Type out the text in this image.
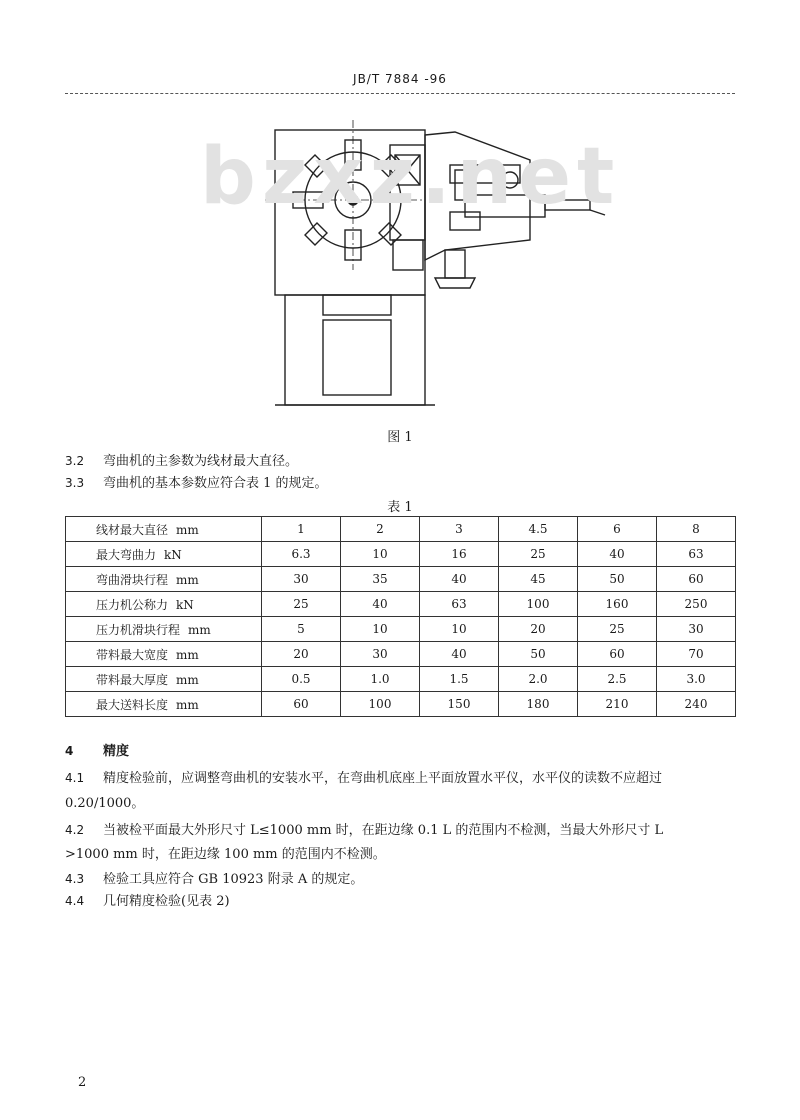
JB/T 7884 -96
bzxz.net
图 1
3.2 弯曲机的主参数为线材最大直径。
3.3 弯曲机的基本参数应符合表 1 的规定。
表 1
线材最大直径 mm	1	2	3	4.5	6	8
最大弯曲力 kN	6.3	10	16	25	40	63
弯曲滑块行程 mm	30	35	40	45	50	60
压力机公称力 kN	25	40	63	100	160	250
压力机滑块行程 mm	5	10	10	20	25	30
带料最大宽度 mm	20	30	40	50	60	70
带料最大厚度 mm	0.5	1.0	1.5	2.0	2.5	3.0
最大送料长度 mm	60	100	150	180	210	240
4 精度
4.1 精度检验前，应调整弯曲机的安装水平，在弯曲机底座上平面放置水平仪，水平仪的读数不应超过
0.20/1000。
4.2 当被检平面最大外形尺寸 L≤1000 mm 时，在距边缘 0.1 L 的范围内不检测，当最大外形尺寸 L
>1000 mm 时，在距边缘 100 mm 的范围内不检测。
4.3 检验工具应符合 GB 10923 附录 A 的规定。
4.4 几何精度检验(见表 2)
2
